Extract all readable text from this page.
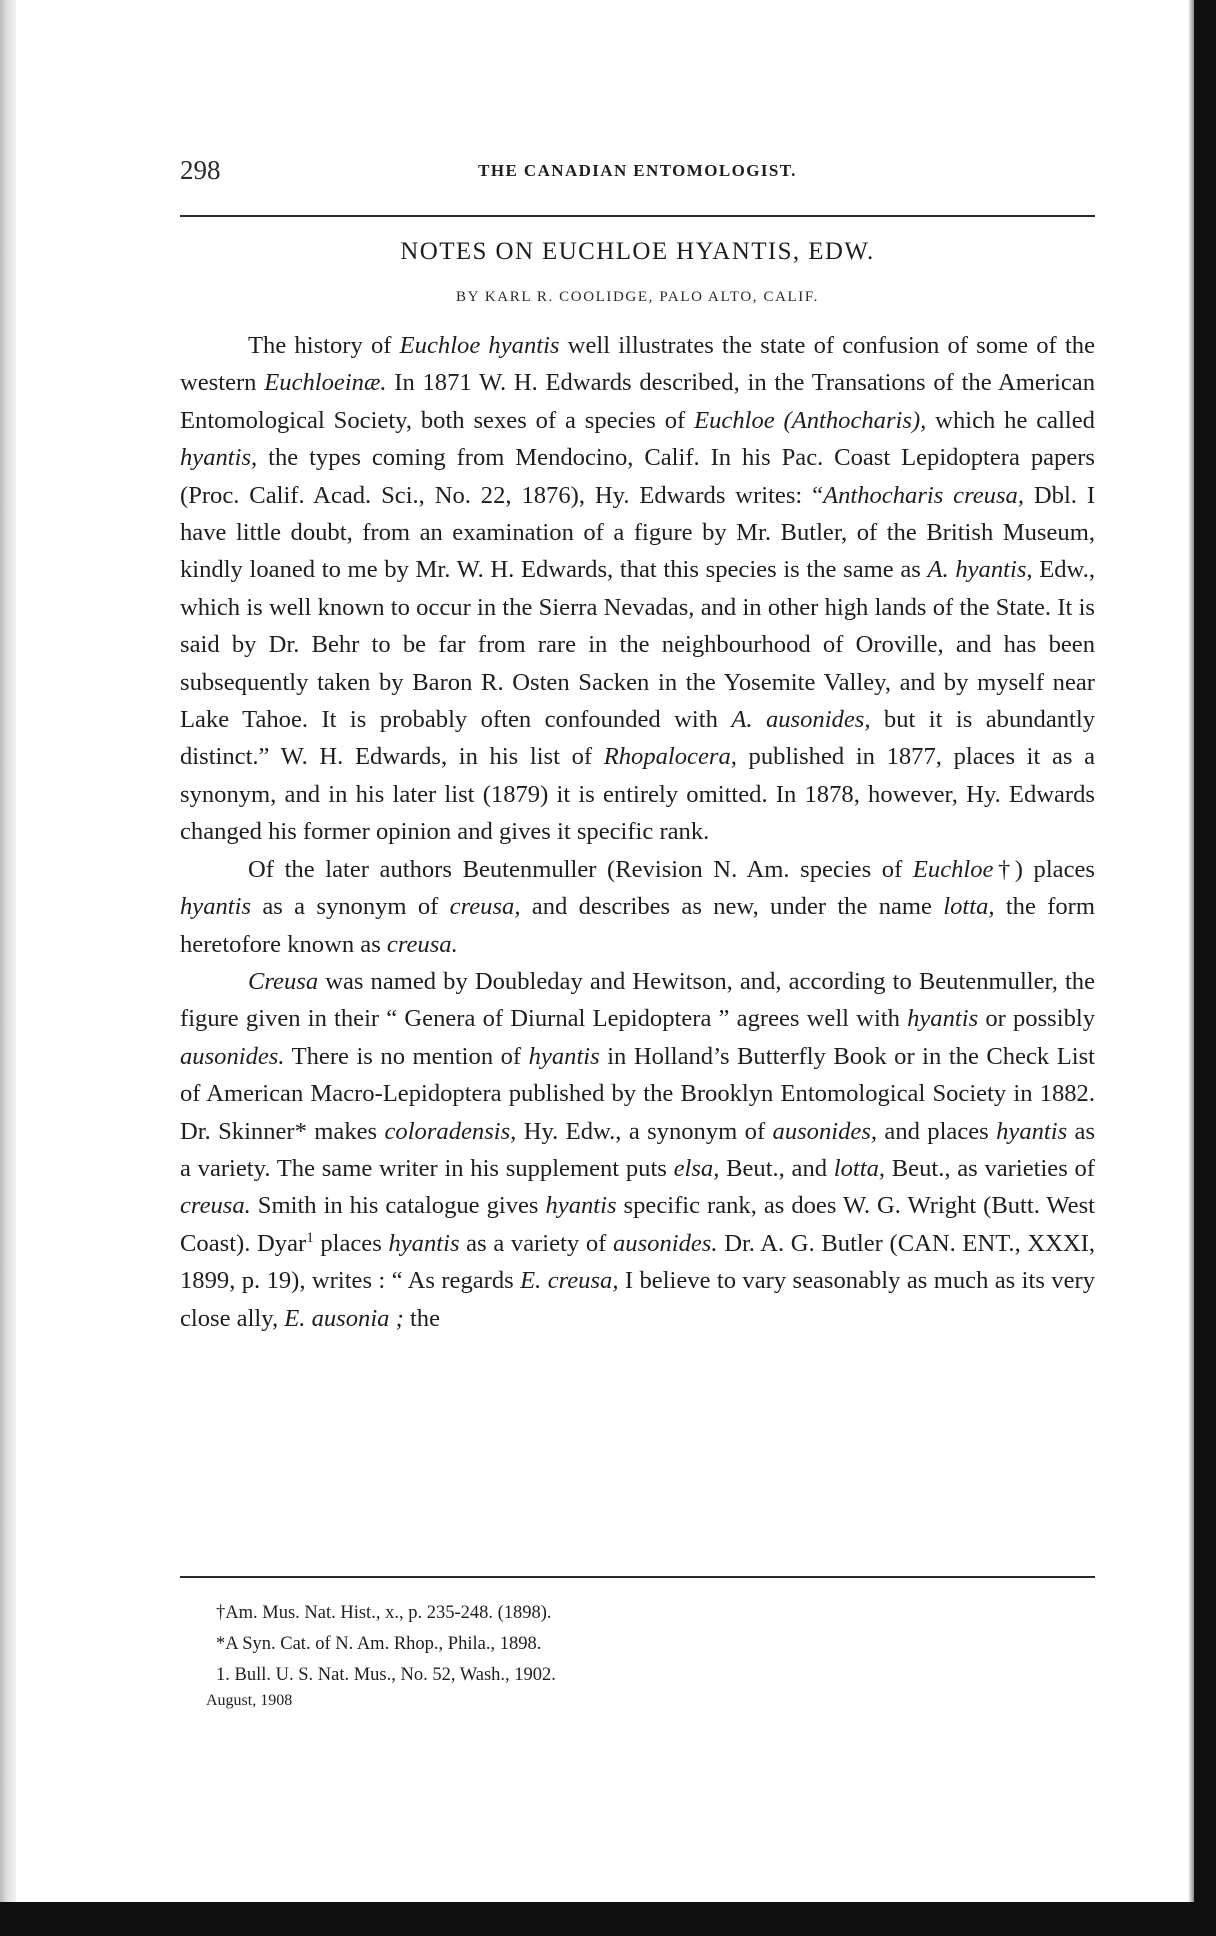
298	THE CANADIAN ENTOMOLOGIST.
NOTES ON EUCHLOE HYANTIS, EDW.
BY KARL R. COOLIDGE, PALO ALTO, CALIF.

The history of Euchloe hyantis well illustrates the state of confusion of some of the western Euchloeinæ. In 1871 W. H. Edwards described, in the Transations of the American Entomological Society, both sexes of a species of Euchloe (Anthocharis), which he called hyantis, the types coming from Mendocino, Calif. In his Pac. Coast Lepidoptera papers (Proc. Calif. Acad. Sci., No. 22, 1876), Hy. Edwards writes: “Anthocharis creusa, Dbl. I have little doubt, from an examination of a figure by Mr. Butler, of the British Museum, kindly loaned to me by Mr. W. H. Edwards, that this species is the same as A. hyantis, Edw., which is well known to occur in the Sierra Nevadas, and in other high lands of the State. It is said by Dr. Behr to be far from rare in the neighbourhood of Oroville, and has been subsequently taken by Baron R. Osten Sacken in the Yosemite Valley, and by myself near Lake Tahoe. It is probably often confounded with A. ausonides, but it is abundantly distinct.” W. H. Edwards, in his list of Rhopalocera, published in 1877, places it as a synonym, and in his later list (1879) it is entirely omitted. In 1878, however, Hy. Edwards changed his former opinion and gives it specific rank.

Of the later authors Beutenmuller (Revision N. Am. species of Euchloe†) places hyantis as a synonym of creusa, and describes as new, under the name lotta, the form heretofore known as creusa.

Creusa was named by Doubleday and Hewitson, and, according to Beutenmuller, the figure given in their “ Genera of Diurnal Lepidoptera ” agrees well with hyantis or possibly ausonides. There is no mention of hyantis in Holland’s Butterfly Book or in the Check List of American Macro-Lepidoptera published by the Brooklyn Entomological Society in 1882. Dr. Skinner* makes coloradensis, Hy. Edw., a synonym of ausonides, and places hyantis as a variety. The same writer in his supplement puts elsa, Beut., and lotta, Beut., as varieties of creusa. Smith in his catalogue gives hyantis specific rank, as does W. G. Wright (Butt. West Coast). Dyar$^1$ places hyantis as a variety of ausonides. Dr. A. G. Butler (CAN. ENT., XXXI, 1899, p. 19), writes : “ As regards E. creusa, I believe to vary seasonably as much as its very close ally, E. ausonia ; the

†Am. Mus. Nat. Hist., x., p. 235-248. (1898).
*A Syn. Cat. of N. Am. Rhop., Phila., 1898.
1. Bull. U. S. Nat. Mus., No. 52, Wash., 1902.
August, 1908
